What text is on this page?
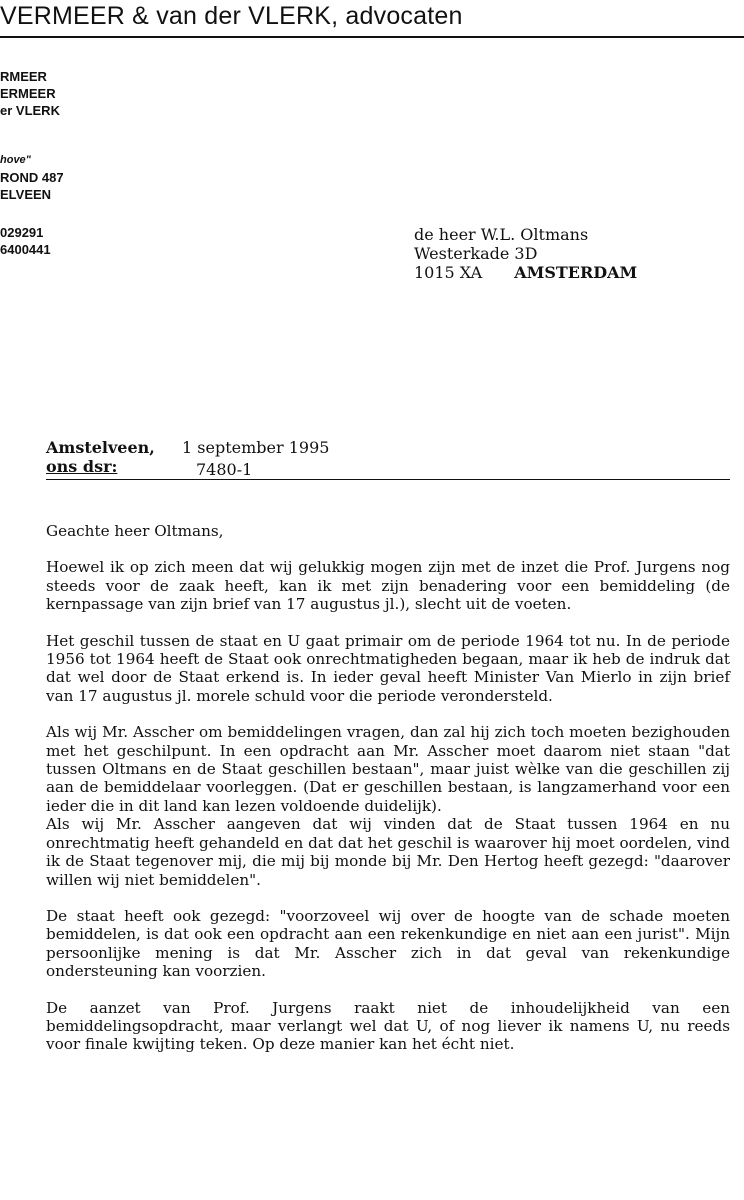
VERMEER & van der VLERK, advocaten
RMEER
ERMEER
er VLERK
hove"
ROND 487
ELVEEN
029291
6400441
de heer W.L. Oltmans
Westerkade 3D
1015 XA AMSTERDAM
Amstelveen, 1 september 1995
ons dsr:	7480-1

Geachte heer Oltmans,

Hoewel ik op zich meen dat wij gelukkig mogen zijn met de inzet die Prof. Jurgens nog steeds voor de zaak heeft, kan ik met zijn benadering voor een bemiddeling (de kernpassage van zijn brief van 17 augustus jl.), slecht uit de voeten.

Het geschil tussen de staat en U gaat primair om de periode 1964 tot nu. In de periode 1956 tot 1964 heeft de Staat ook onrechtmatigheden begaan, maar ik heb de indruk dat dat wel door de Staat erkend is. In ieder geval heeft Minister Van Mierlo in zijn brief van 17 augustus jl. morele schuld voor die periode verondersteld.

Als wij Mr. Asscher om bemiddelingen vragen, dan zal hij zich toch moeten bezighouden met het geschilpunt. In een opdracht aan Mr. Asscher moet daarom niet staan "dat tussen Oltmans en de Staat geschillen bestaan", maar juist wèlke van die geschillen zij aan de bemiddelaar voorleggen. (Dat er geschillen bestaan, is langzamerhand voor een ieder die in dit land kan lezen voldoende duidelijk).

Als wij Mr. Asscher aangeven dat wij vinden dat de Staat tussen 1964 en nu onrechtmatig heeft gehandeld en dat dat het geschil is waarover hij moet oordelen, vind ik de Staat tegenover mij, die mij bij monde bij Mr. Den Hertog heeft gezegd: "daarover willen wij niet bemiddelen".

De staat heeft ook gezegd: "voorzoveel wij over de hoogte van de schade moeten bemiddelen, is dat ook een opdracht aan een rekenkundige en niet aan een jurist". Mijn persoonlijke mening is dat Mr. Asscher zich in dat geval van rekenkundige ondersteuning kan voorzien.

De aanzet van Prof. Jurgens raakt niet de inhoudelijkheid van een bemiddelingsopdracht, maar verlangt wel dat U, of nog liever ik namens U, nu reeds voor finale kwijting teken. Op deze manier kan het écht niet.
